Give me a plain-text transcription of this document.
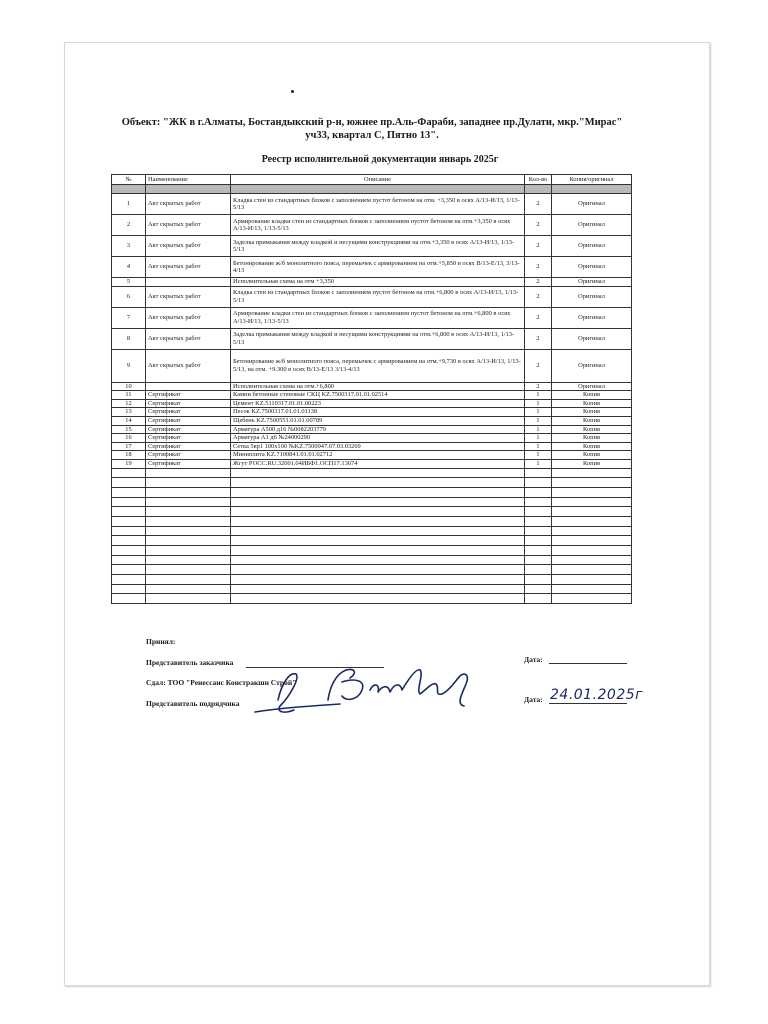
Объект: "ЖК в г.Алматы, Бостандыкский р-н, южнее пр.Аль-Фараби, западнее пр.Дулати, мкр."Мирас" уч33, квартал С, Пятно 13".
Реестр исполнительной документации январь 2025г
№	Наименование	Описание	Кол-во	Копия/оригинал

1	Акт скрытых работ	Кладка стен из стандартных блоков с заполнением пустот бетоном на отм. +3,350 в осях А/13-И/13, 1/13-5/13	2	Оригинал
2	Акт скрытых работ	Армирование кладки стен из стандартных блоков с заполнением пустот бетоном на отм.+3,350 в осях А/13-И/13, 1/13-5/13	2	Оригинал
3	Акт скрытых работ	Заделка примыкания между кладкой и несущими конструкциями на отм.+3,350 в осях А/13-И/13, 1/13-5/13	2	Оригинал
4	Акт скрытых работ	Бетонирование ж/б монолитного пояса, перемычек с армированием на отм.+5,850 в осях В/13-Е/13, 3/13-4/13	2	Оригинал
5		Исполнительная схема на отм +3,350	2	Оригинал
6	Акт скрытых работ	Кладка стен из стандартных блоков с заполнением пустот бетоном на отм.+6,800 в осях А/13-И/13, 1/13-5/13	2	Оригинал
7	Акт скрытых работ	Армирование кладки стен из стандартных блоков с заполнением пустот бетоном на отм.+6,800 в осях А/13-И/13, 1/13-5/13	2	Оригинал
8	Акт скрытых работ	Заделка примыкания между кладкой и несущими конструкциями на отм.+6,800 в осях А/13-И/13, 1/13-5/13	2	Оригинал
9	Акт скрытых работ	Бетонирование ж/б монолитного пояса, перемычек с армированием на отм.+9,730 в осях А/13-И/13, 1/13-5/13, на отм. +9.300 в осях В/13-Е/13 3/13-4/13	2	Оригинал
10		Исполнительная схема на отм.+6,800	2	Оригинал
11	Сертификат	Камни бетонные стеновые СКЦ KZ.7500317.01.01.02514	1	Копия
12	Сертификат	Цемент KZ.5110317.01.01.00223	1	Копия
13	Сертификат	Песок KZ.7500317.01.01.01138	1	Копия
14	Сертификат	Щебень KZ.7500551.01.01.00789	1	Копия
15	Сертификат	Арматура А500 д16 №0082203779	1	Копия
16	Сертификат	Арматура А1 д6 №24000290	1	Копия
17	Сертификат	Сетка 5вр1 100х100 №KZ.7500947.07.03.03269	1	Копия
18	Сертификат	Миниплита KZ.7100841.01.01.02712	1	Копия
19	Сертификат	Жгут РОСС.RU.32001.04ИБФ1.ОСП17.13674	1	Копия

Принял:
Представитель заказчика	Дата:
Сдал: ТОО "Ренессанс Констракшн Строй"
Представитель подрядчика	Дата: 24.01.2025г
